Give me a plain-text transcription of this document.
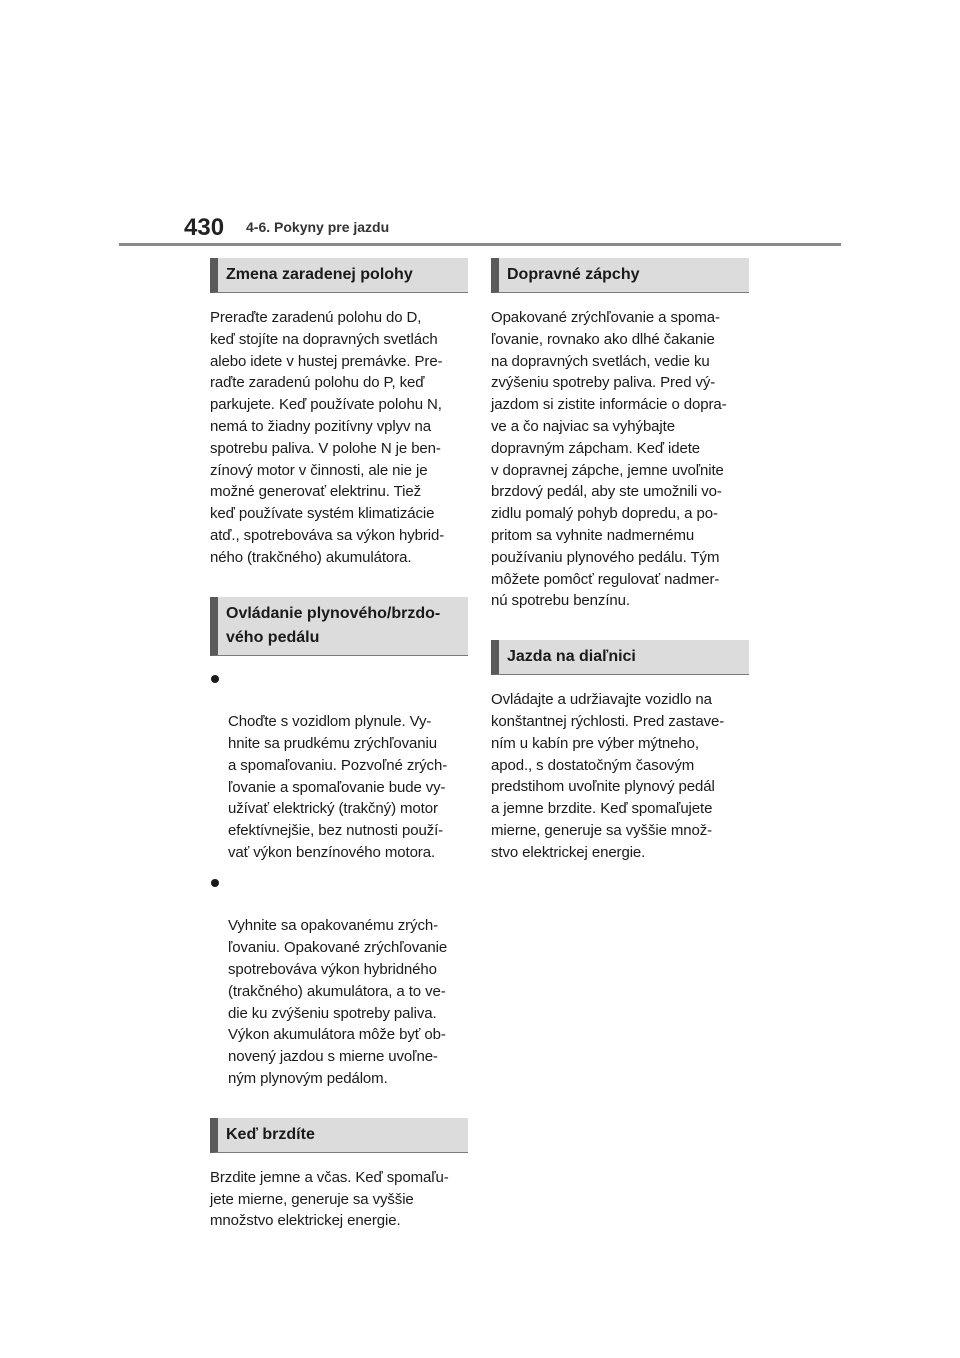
430 4-6. Pokyny pre jazdu
Zmena zaradenej polohy

Preraďte zaradenú polohu do D,
keď stojíte na dopravných svetlách
alebo idete v hustej premávke. Pre-
raďte zaradenú polohu do P, keď
parkujete. Keď používate polohu N,
nemá to žiadny pozitívny vplyv na
spotrebu paliva. V polohe N je ben-
zínový motor v činnosti, ale nie je
možné generovať elektrinu. Tiež
keď používate systém klimatizácie
atď., spotrebováva sa výkon hybrid-
ného (trakčného) akumulátora.

Ovládanie plynového/brzdo-
vého pedálu

Choďte s vozidlom plynule. Vy-
hnite sa prudkému zrýchľovaniu
a spomaľovaniu. Pozvoľné zrých-
ľovanie a spomaľovanie bude vy-
užívať elektrický (trakčný) motor
efektívnejšie, bez nutnosti použí-
vať výkon benzínového motora.

Vyhnite sa opakovanému zrých-
ľovaniu. Opakované zrýchľovanie
spotrebováva výkon hybridného
(trakčného) akumulátora, a to ve-
die ku zvýšeniu spotreby paliva.
Výkon akumulátora môže byť ob-
novený jazdou s mierne uvoľne-
ným plynovým pedálom.

Keď brzdíte

Brzdite jemne a včas. Keď spomaľu-
jete mierne, generuje sa vyššie
množstvo elektrickej energie.

Dopravné zápchy

Opakované zrýchľovanie a spoma-
ľovanie, rovnako ako dlhé čakanie
na dopravných svetlách, vedie ku
zvýšeniu spotreby paliva. Pred vý-
jazdom si zistite informácie o dopra-
ve a čo najviac sa vyhýbajte
dopravným zápcham. Keď idete
v dopravnej zápche, jemne uvoľnite
brzdový pedál, aby ste umožnili vo-
zidlu pomalý pohyb dopredu, a po-
pritom sa vyhnite nadmernému
používaniu plynového pedálu. Tým
môžete pomôcť regulovať nadmer-
nú spotrebu benzínu.

Jazda na diaľnici

Ovládajte a udržiavajte vozidlo na
konštantnej rýchlosti. Pred zastave-
ním u kabín pre výber mýtneho,
apod., s dostatočným časovým
predstihom uvoľnite plynový pedál
a jemne brzdite. Keď spomaľujete
mierne, generuje sa vyššie množ-
stvo elektrickej energie.
